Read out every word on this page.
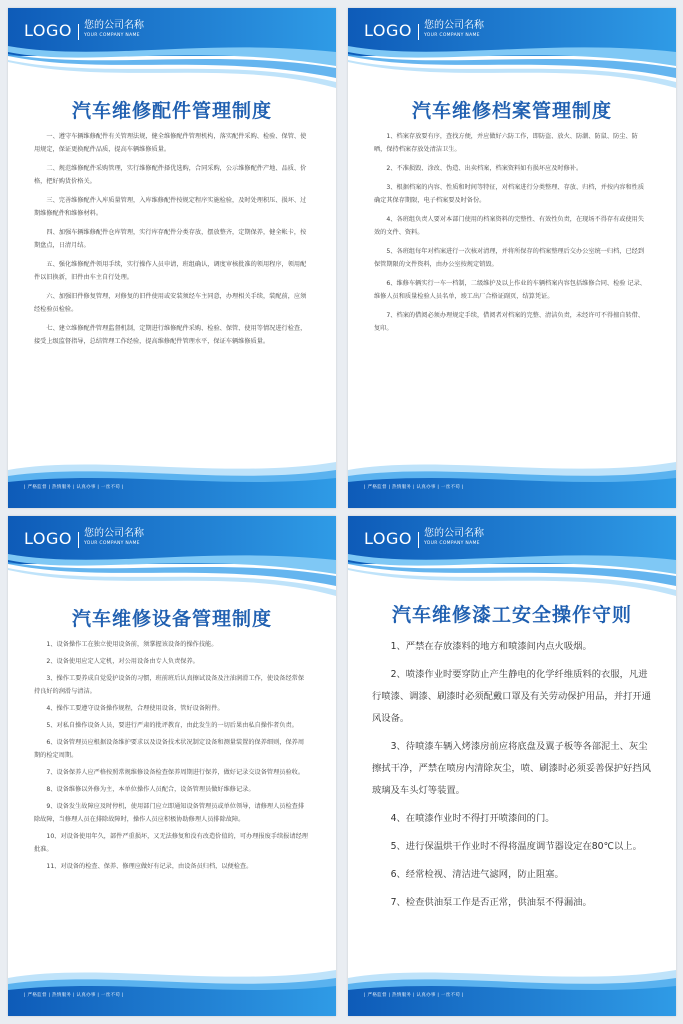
LOGO 您的公司名称
YOUR COMPANY NAME
汽车维修配件管理制度

一、遵守车辆维修配件有关管理法规，健全维修配件管理机构，落实配件采购、检验、保管、使用规定，保证更换配件品质，提高车辆维修质量。

二、规范维修配件采购管理，实行维修配件择优选购，合同采购，公示维修配件产地、品质、价格，把好购货价格关。

三、完善维修配件入库质量管理，入库维修配件按规定程序实施检验，及时处理积压、损坏、过期维修配件和维修材料。

四、加强车辆维修配件仓库管理，实行库存配件分类存放，摆放整齐，定期保养，健全帐卡，按期盘点，日清月结。

五、强化维修配件领用手续，实行操作人员申请，班组确认，调度审核批准的领用程序，领用配件以旧换新，旧件由车主自行处理。

六、加强旧件修复管理，对修复的旧件使用或安装须经车主同意，办理相关手续，装配前，应须经检验员检验。

七、建立维修配件管理监督机制，定期进行维修配件采购、检验、保管、使用等情况进行检查，接受上级监督指导，总结管理工作经验，提高维修配件管理水平，保证车辆维修质量。

| 严格监督 | 热情服务 | 认真办事 | 一丝不苟 |
LOGO 您的公司名称
YOUR COMPANY NAME
汽车维修档案管理制度

1、档案存放要有序，查找方便，并应做好六防工作，即防盗、放火、防潮、防鼠、防尘、防晒，保持档案存放处清洁卫生。

2、不准损毁、涂改、伪造、出卖档案，档案资料如有损坏应及时修补。

3、根据档案的内容、性质和时间等特征，对档案进行分类整理、存放、归档，并按内容和性质确定其保存期限，电子档案要及时备份。

4、各班组负责人要对本部门使用的档案资料的完整性、有效性负责，在现场不得存有或使用失效的文件、资料。

5、各班组每年对档案进行一次核对清理，并将所保存的档案整理后交办公室统一归档，已经到保管期限的文件资料，由办公室按规定销毁。

6、维修车辆实行一车一档制，二级维护及以上作业的车辆档案内容包括维修合同、检验 记录、维修人员和质量检验人员名单，竣工出厂合格证副页，结算凭证。

7、档案的借阅必须办理规定手续，借阅者对档案的完整、清洁负责，未经许可不得擅自转借、复印。

| 严格监督 | 热情服务 | 认真办事 | 一丝不苟 |
LOGO 您的公司名称
YOUR COMPANY NAME
汽车维修设备管理制度

1、设备操作工在独立使用设备前，须掌握该设备的操作技能。

2、设备使用应定人定机，对公用设备由专人负责保养。

3、操作工要养成自觉爱护设备的习惯，班前班后认真擦试设备及注油润滑工作，使设备经常保持良好的润滑与清洁。

4、操作工要遵守设备操作规程，合理使用设备，管好设备附件。

5、对私自操作设备人员，要进行严肃的批评教育，由此发生的一切后果由私自操作者负责。

6、设备管理员应根据设备维护要求以及设备技术状况制定设备和测量装置的保养细则，保养周期的检定周期。

7、设备保养人应严格按照常规维修设备检查保养周期进行保养，做好记录交设备管理员验收。

8、设备维修以外修为主，本单位操作人员配合，设备管理员做好维修记录。

9、设备发生故障应及时停机，使用部门应立即通知设备管理员或单位领导，请修理人员检查排除故障，当修理人员在排除故障时，操作人员应积极协助修理人员排除故障。

10、对设备使用年久，部件严重损坏，又无法修复和没有改造价值的，可办理报废手续报请经理批准。

11、对设备的检查、保养、修理应做好有记录，由设备员归档，以便检查。

| 严格监督 | 热情服务 | 认真办事 | 一丝不苟 |
LOGO 您的公司名称
YOUR COMPANY NAME
汽车维修漆工安全操作守则

1、严禁在存放漆料的地方和喷漆间内点火吸烟。

2、喷漆作业时要穿防止产生静电的化学纤维质料的衣服，凡进行喷漆、调漆、刷漆时必须配戴口罩及有关劳动保护用品，并打开通风设备。

3、待喷漆车辆入烤漆房前应将底盘及翼子板等各部泥土、灰尘擦拭干净，严禁在喷房内清除灰尘，喷、刷漆时必须妥善保护好挡风玻璃及车头灯等装置。

4、在喷漆作业时不得打开喷漆间的门。

5、进行保温烘干作业时不得将温度调节器设定在80℃以上。

6、经常检视、清洁进气滤网，防止阻塞。

7、检查供油泵工作是否正常，供油泵不得漏油。

| 严格监督 | 热情服务 | 认真办事 | 一丝不苟 |
